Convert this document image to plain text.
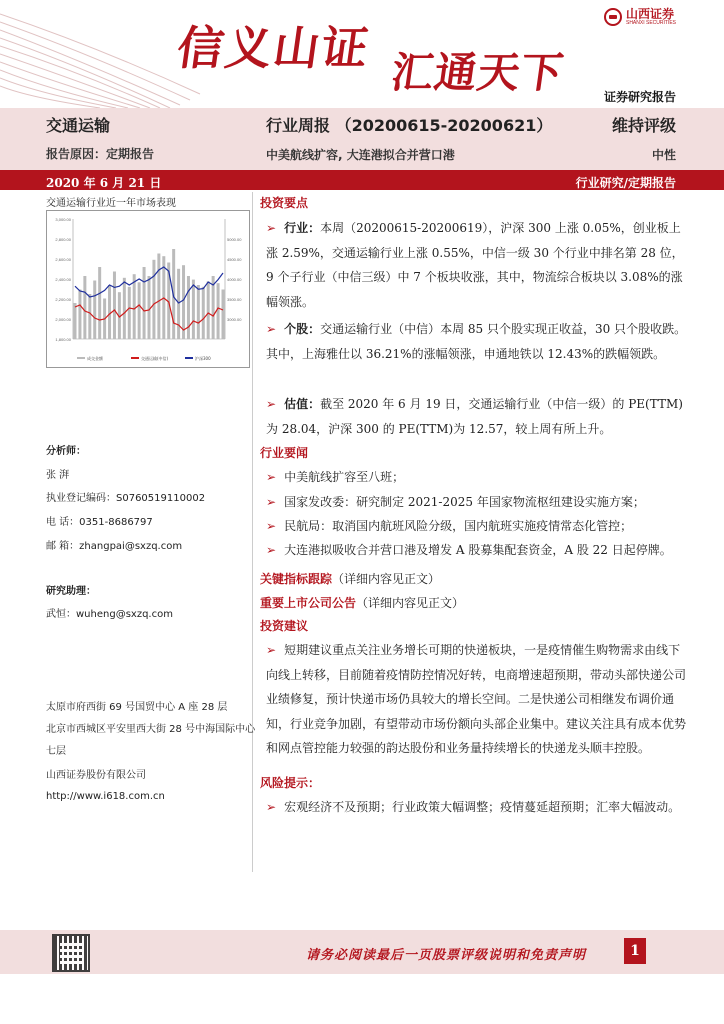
信义山证 汇通天下
山西证券
SHANXI SECURITIES
证券研究报告
交通运输	行业周报 （20200615-20200621）	维持评级
报告原因：定期报告	中美航线扩容, 大连港拟合并营口港	中性
2020 年 6 月 21 日	行业研究/定期报告
交通运输行业近一年市场表现
3,000.00
2,800.00
2,600.00
2,400.00
2,200.00
2,000.00
1,800.00
5000.00
4500.00
4000.00
3500.00
3000.00
成交金额	交通运输(中信)	沪深300
分析师：
张 湃
执业登记编码：S0760519110002
电 话：0351-8686797
邮 箱：zhangpai@sxzq.com
研究助理：
武恒：wuheng@sxzq.com
太原市府西街 69 号国贸中心 A 座 28 层
北京市西城区平安里西大街 28 号中海国际中心七层
山西证券股份有限公司
http://www.i618.com.cn
投资要点
➢ 行业：本周（20200615-20200619），沪深 300 上涨 0.05%，创业板上涨 2.59%，交通运输行业上涨 0.55%，中信一级 30 个行业中排名第 28 位，9 个子行业（中信三级）中 7 个板块收涨，其中，物流综合板块以 3.08%的涨幅领涨。
➢ 个股：交通运输行业（中信）本周 85 只个股实现正收益，30 只个股收跌。其中，上海雅仕以 36.21%的涨幅领涨，申通地铁以 12.43%的跌幅领跌。
➢ 估值：截至 2020 年 6 月 19 日，交通运输行业（中信一级）的 PE(TTM) 为 28.04，沪深 300 的 PE(TTM)为 12.57，较上周有所上升。
行业要闻
➢ 中美航线扩容至八班；
➢ 国家发改委：研究制定 2021-2025 年国家物流枢纽建设实施方案；
➢ 民航局：取消国内航班风险分级，国内航班实施疫情常态化管控；
➢ 大连港拟吸收合并营口港及增发 A 股募集配套资金，A 股 22 日起停牌。
关键指标跟踪（详细内容见正文）
重要上市公司公告（详细内容见正文）
投资建议
➢ 短期建议重点关注业务增长可期的快递板块，一是疫情催生购物需求由线下向线上转移，目前随着疫情防控情况好转，电商增速超预期，带动头部快递公司业绩修复，预计快递市场仍具较大的增长空间。二是快递公司相继发布调价通知，行业竞争加剧，有望带动市场份额向头部企业集中。建议关注具有成本优势和网点管控能力较强的韵达股份和业务量持续增长的快递龙头顺丰控股。
风险提示：
➢ 宏观经济不及预期；行业政策大幅调整；疫情蔓延超预期；汇率大幅波动。
请务必阅读最后一页股票评级说明和免责声明	1
